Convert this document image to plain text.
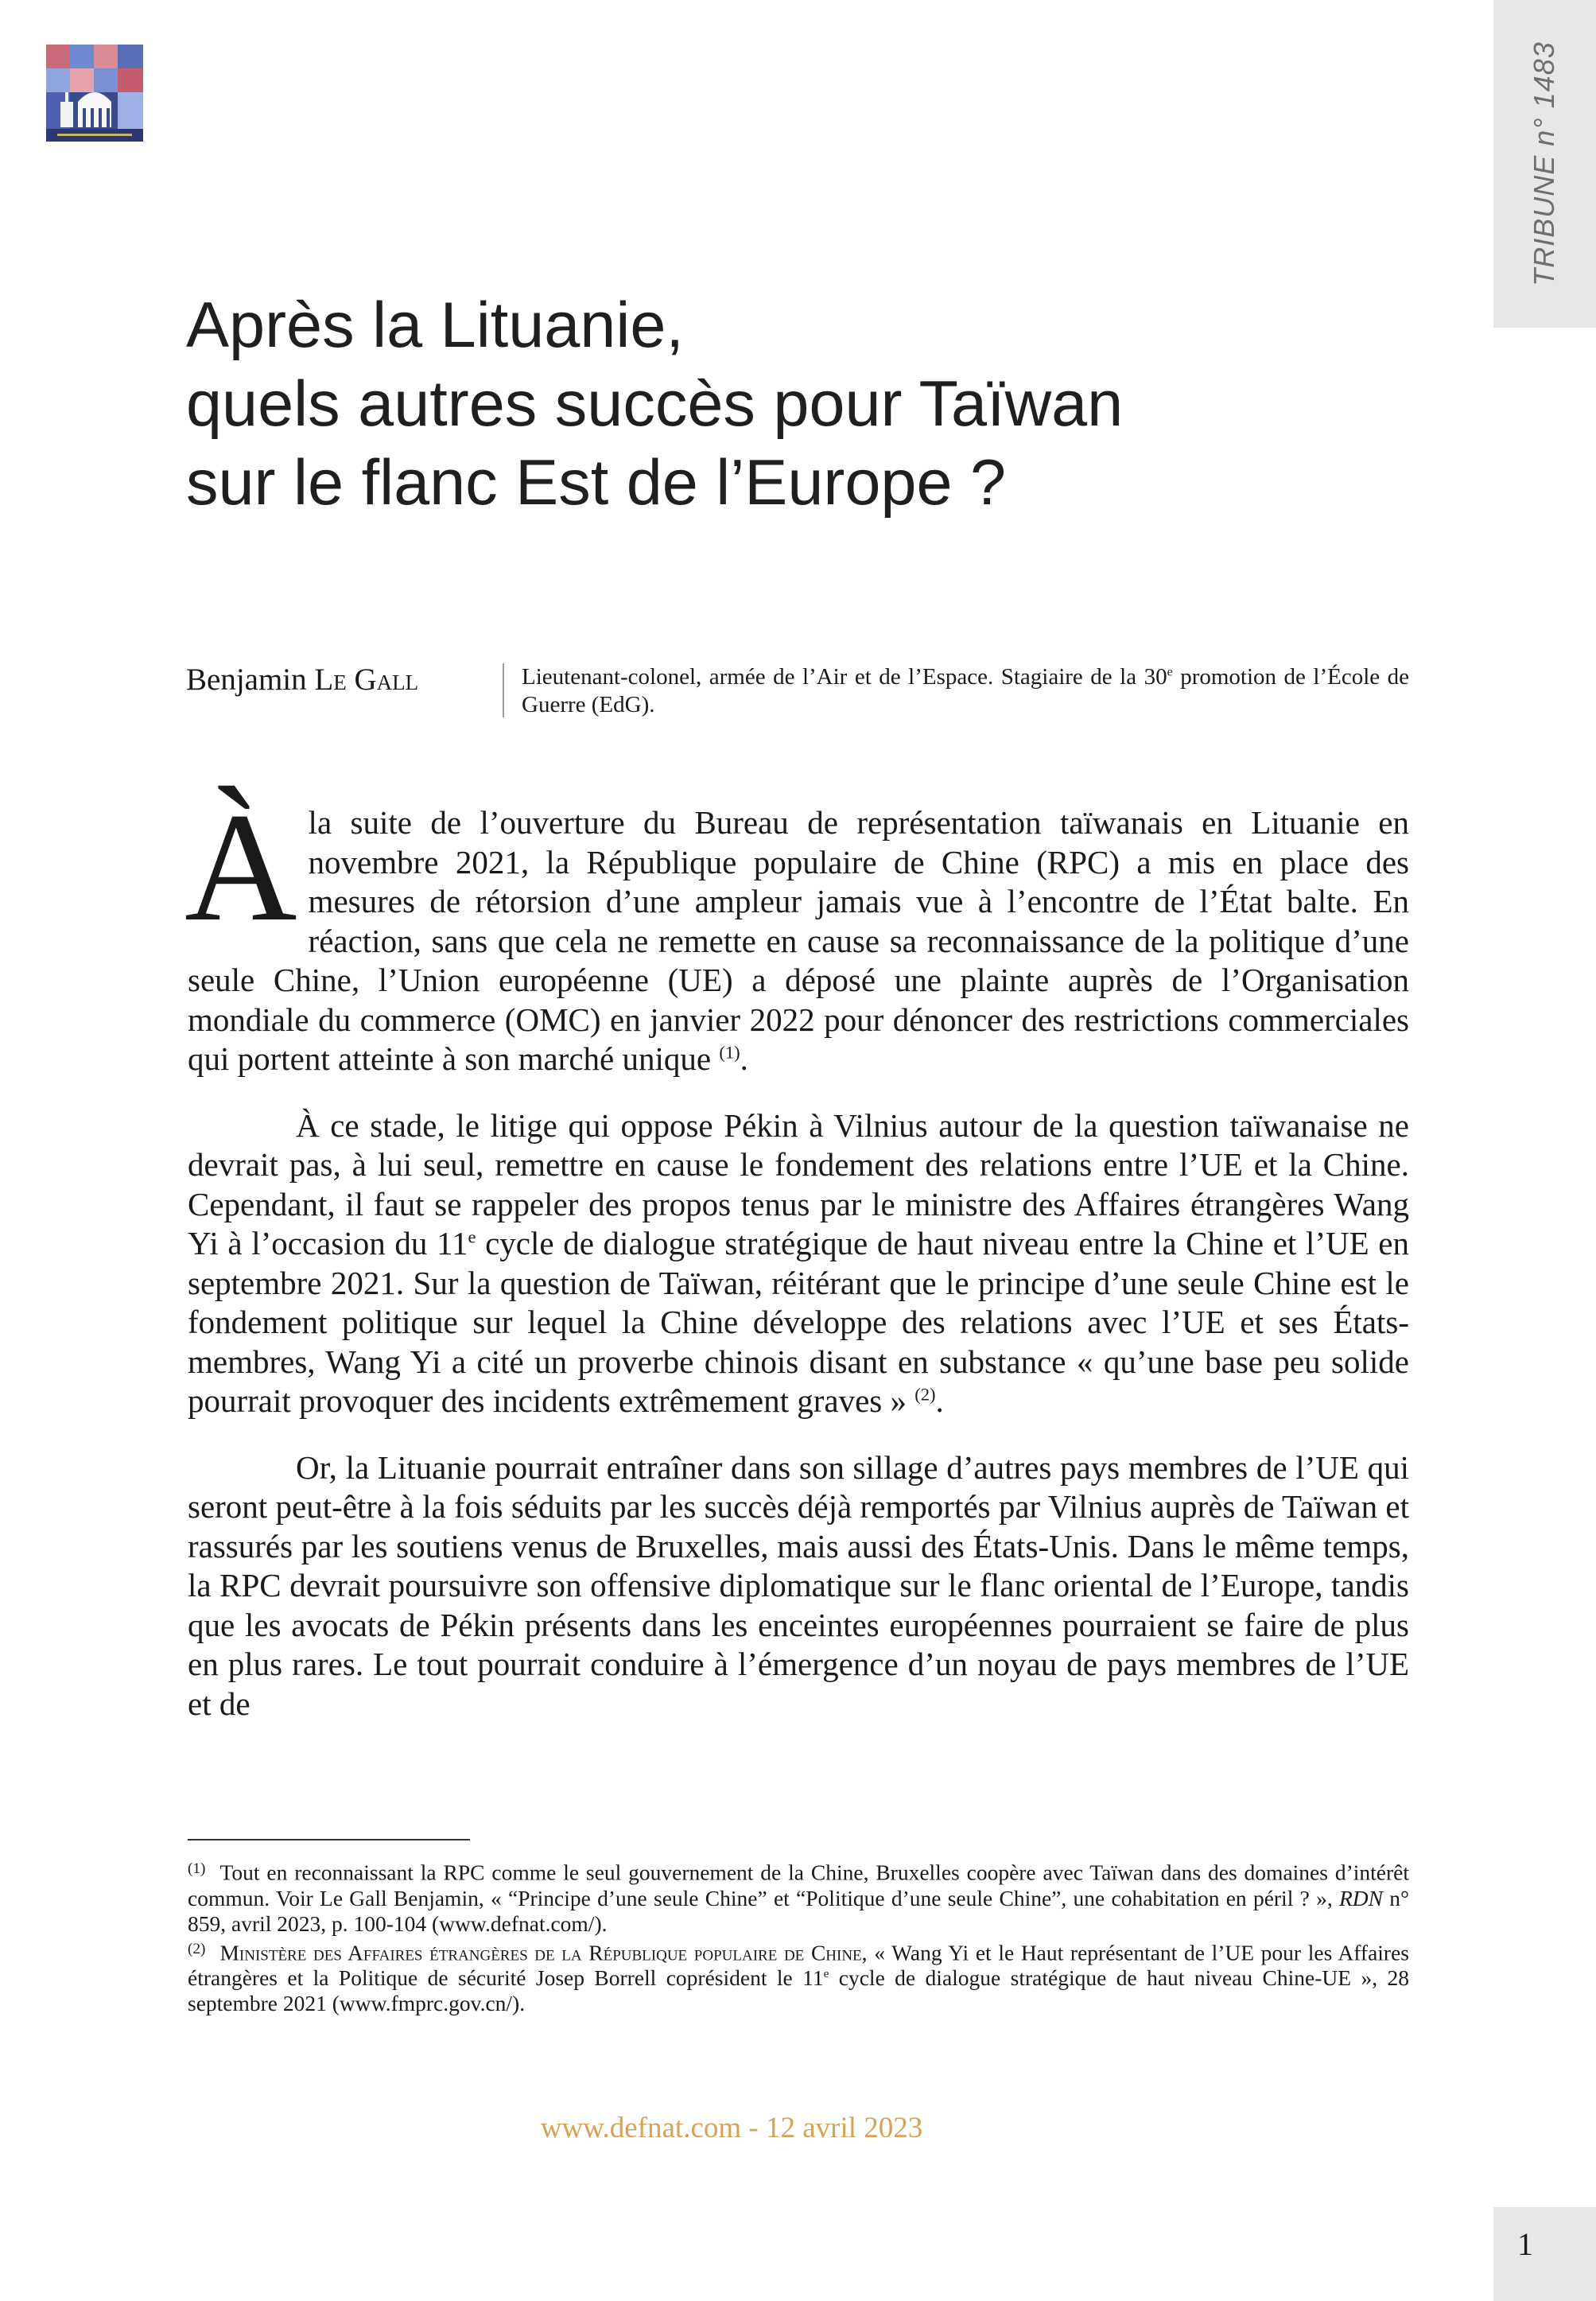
TRIBUNE n° 1483
Après la Lituanie,
quels autres succès pour Taïwan
sur le flanc Est de l’Europe ?
Benjamin Le Gall	Lieutenant-colonel, armée de l’Air et de l’Espace. Stagiaire de la 30e promotion de l’École de Guerre (EdG).

Àla suite de l’ouverture du Bureau de représentation taïwanais en Lituanie en novembre 2021, la République populaire de Chine (RPC) a mis en place des mesures de rétorsion d’une ampleur jamais vue à l’encontre de l’État balte. En réaction, sans que cela ne remette en cause sa reconnaissance de la politique d’une seule Chine, l’Union européenne (UE) a déposé une plainte auprès de l’Organisation mondiale du commerce (OMC) en janvier 2022 pour dénoncer des restrictions commerciales qui portent atteinte à son marché unique $^{(1)}$.

À ce stade, le litige qui oppose Pékin à Vilnius autour de la question taïwanaise ne devrait pas, à lui seul, remettre en cause le fondement des relations entre l’UE et la Chine. Cependant, il faut se rappeler des propos tenus par le ministre des Affaires étrangères Wang Yi à l’occasion du 11e cycle de dialogue stratégique de haut niveau entre la Chine et l’UE en septembre 2021. Sur la question de Taïwan, réitérant que le principe d’une seule Chine est le fondement politique sur lequel la Chine développe des relations avec l’UE et ses États-membres, Wang Yi a cité un proverbe chinois disant en substance « qu’une base peu solide pourrait provoquer des incidents extrêmement graves » $^{(2)}$.

Or, la Lituanie pourrait entraîner dans son sillage d’autres pays membres de l’UE qui seront peut-être à la fois séduits par les succès déjà remportés par Vilnius auprès de Taïwan et rassurés par les soutiens venus de Bruxelles, mais aussi des États-Unis. Dans le même temps, la RPC devrait poursuivre son offensive diplomatique sur le flanc oriental de l’Europe, tandis que les avocats de Pékin présents dans les enceintes européennes pourraient se faire de plus en plus rares. Le tout pourrait conduire à l’émergence d’un noyau de pays membres de l’UE et de

$^{(1)}$ Tout en reconnaissant la RPC comme le seul gouvernement de la Chine, Bruxelles coopère avec Taïwan dans des domaines d’intérêt commun. Voir Le Gall Benjamin, « “Principe d’une seule Chine” et “Politique d’une seule Chine”, une cohabitation en péril ? », RDN n° 859, avril 2023, p. 100-104 (www.defnat.com/).

$^{(2)}$ Ministère des Affaires étrangères de la République populaire de Chine, « Wang Yi et le Haut représentant de l’UE pour les Affaires étrangères et la Politique de sécurité Josep Borrell coprésident le 11e cycle de dialogue stratégique de haut niveau Chine-UE », 28 septembre 2021 (www.fmprc.gov.cn/).

www.defnat.com - 12 avril 2023
1
